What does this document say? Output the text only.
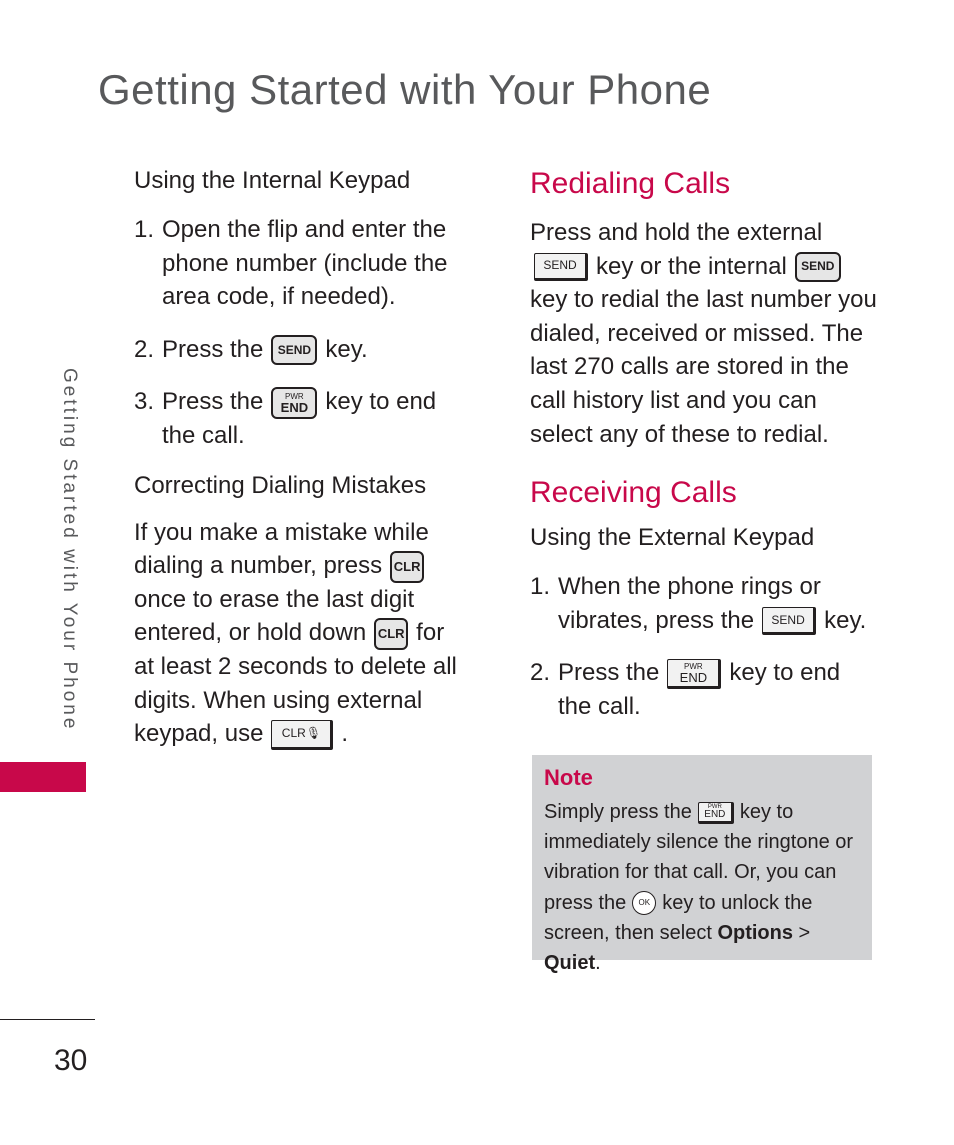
Getting Started with Your Phone
Getting Started with Your Phone
Using the Internal Keypad
1. Open the flip and enter the phone number (include the area code, if needed).
2. Press the SEND key.
3. Press the	PWR
END key to end the call.
Correcting Dialing Mistakes

If you make a mistake while dialing a number, press CLRonce to erase the last digit entered, or hold down CLR for at least 2 seconds to delete all digits. When using external keypad, use CLR 🎙 .

Redialing Calls

Press and hold the external SEND key or the internal SENDkey to redial the last number you dialed, received or missed. The last 270 calls are stored in the call history list and you can select any of these to redial.

Receiving Calls
Using the External Keypad
1. When the phone rings or vibrates, press the SEND key.
2. Press the	PWR
END key to end the call.
Note
Simply press the	PWR
END key to immediately silence the ringtone or vibration for that call. Or, you can press the OK key to unlock the screen, then select Options > Quiet.
30
